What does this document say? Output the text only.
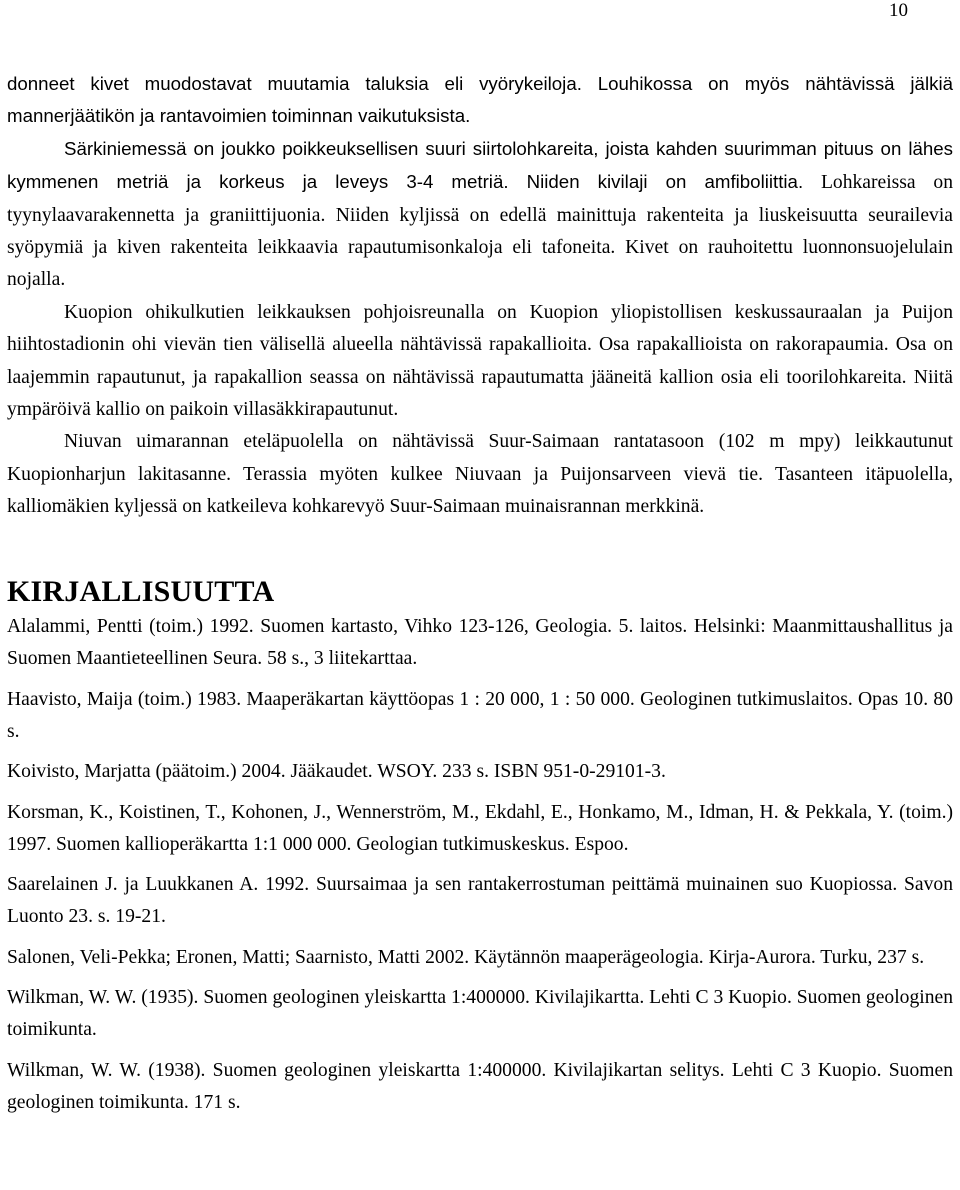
10

donneet kivet muodostavat muutamia taluksia eli vyörykeiloja. Louhikossa on myös nähtävissä jälkiä mannerjäätikön ja rantavoimien toiminnan vaikutuksista.

Särkiniemessä on joukko poikkeuksellisen suuri siirtolohkareita, joista kahden suurimman pituus on lähes kymmenen metriä ja korkeus ja leveys 3-4 metriä. Niiden kivilaji on amfiboliittia. Lohkareissa on tyynylaavarakennetta ja graniittijuonia. Niiden kyljissä on edellä mainittuja rakenteita ja liuskeisuutta seurailevia syöpymiä ja kiven rakenteita leikkaavia rapautumisonkaloja eli tafoneita. Kivet on rauhoitettu luonnonsuojelulain nojalla.

Kuopion ohikulkutien leikkauksen pohjoisreunalla on Kuopion yliopistollisen keskussauraalan ja Puijon hiihtostadionin ohi vievän tien välisellä alueella nähtävissä rapakallioita. Osa rapakallioista on rakorapaumia. Osa on laajemmin rapautunut, ja rapakallion seassa on nähtävissä rapautumatta jääneitä kallion osia eli toorilohkareita. Niitä ympäröivä kallio on paikoin villasäkkirapautunut.

Niuvan uimarannan eteläpuolella on nähtävissä Suur-Saimaan rantatasoon (102 m mpy) leikkautunut Kuopionharjun lakitasanne. Terassia myöten kulkee Niuvaan ja Puijonsarveen vievä tie. Tasanteen itäpuolella, kalliomäkien kyljessä on katkeileva kohkarevyö Suur-Saimaan muinaisrannan merkkinä.

KIRJALLISUUTTA

Alalammi, Pentti (toim.) 1992. Suomen kartasto, Vihko 123-126, Geologia. 5. laitos. Helsinki: Maanmittaushallitus ja Suomen Maantieteellinen Seura. 58 s., 3 liitekarttaa.

Haavisto, Maija (toim.) 1983. Maaperäkartan käyttöopas 1 : 20 000, 1 : 50 000. Geologinen tutkimuslaitos. Opas 10. 80 s.

Koivisto, Marjatta (päätoim.) 2004. Jääkaudet. WSOY. 233 s. ISBN 951-0-29101-3.

Korsman, K., Koistinen, T., Kohonen, J., Wennerström, M., Ekdahl, E., Honkamo, M., Idman, H. & Pekkala, Y. (toim.) 1997. Suomen kallioperäkartta 1:1 000 000. Geologian tutkimuskeskus. Espoo.

Saarelainen J. ja Luukkanen A. 1992. Suursaimaa ja sen rantakerrostuman peittämä muinainen suo Kuopiossa. Savon Luonto 23. s. 19-21.

Salonen, Veli-Pekka; Eronen, Matti; Saarnisto, Matti 2002. Käytännön maaperägeologia. Kirja-Aurora. Turku, 237 s.

Wilkman, W. W. (1935). Suomen geologinen yleiskartta 1:400000. Kivilajikartta. Lehti C 3 Kuopio. Suomen geologinen toimikunta.

Wilkman, W. W. (1938). Suomen geologinen yleiskartta 1:400000. Kivilajikartan selitys. Lehti C 3 Kuopio. Suomen geologinen toimikunta. 171 s.
